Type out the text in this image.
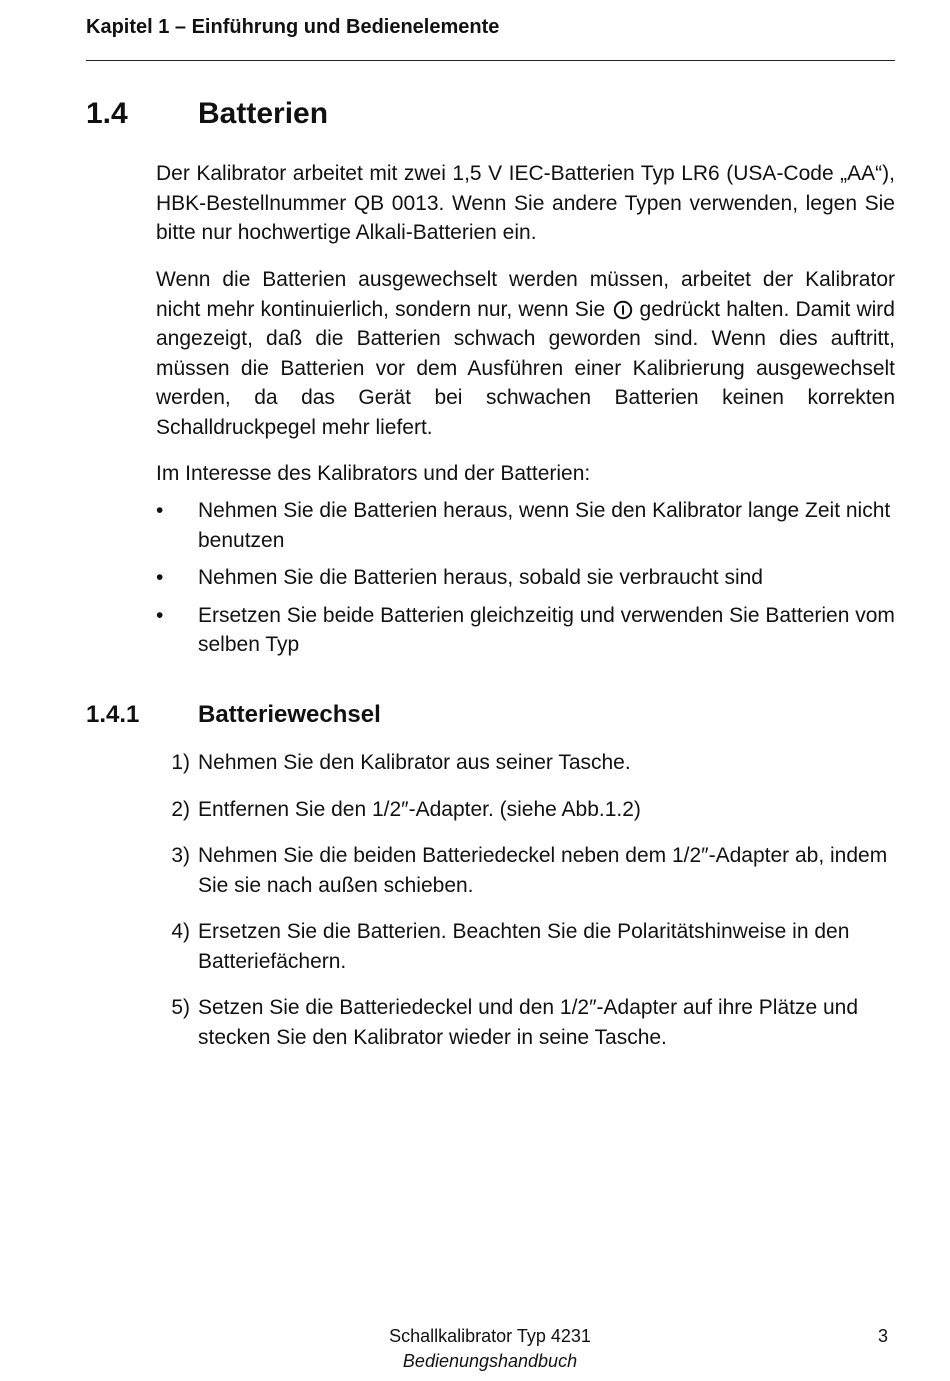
Kapitel 1 – Einführung und Bedienelemente
1.4 Batterien

Der Kalibrator arbeitet mit zwei 1,5 V IEC-Batterien Typ LR6 (USA-Code „AA“), HBK-Bestellnummer QB 0013. Wenn Sie andere Typen verwenden, legen Sie bitte nur hochwertige Alkali-Batterien ein.

Wenn die Batterien ausgewechselt werden müssen, arbeitet der Kalibrator nicht mehr kontinuierlich, sondern nur, wenn Sie gedrückt halten. Damit wird angezeigt, daß die Batterien schwach geworden sind. Wenn dies auftritt, müssen die Batterien vor dem Ausführen einer Kalibrierung ausgewechselt werden, da das Gerät bei schwachen Batterien keinen korrekten Schalldruckpegel mehr liefert.

Im Interesse des Kalibrators und der Batterien:

•	Nehmen Sie die Batterien heraus, wenn Sie den Kalibrator lange Zeit nicht benutzen
•	Nehmen Sie die Batterien heraus, sobald sie verbraucht sind
•	Ersetzen Sie beide Batterien gleichzeitig und verwenden Sie Batterien vom selben Typ
1.4.1 Batteriewechsel
1) Nehmen Sie den Kalibrator aus seiner Tasche.
2) Entfernen Sie den 1/2″-Adapter. (siehe Abb.1.2)
3) Nehmen Sie die beiden Batteriedeckel neben dem 1/2″-Adapter ab, indem Sie sie nach außen schieben.
4) Ersetzen Sie die Batterien. Beachten Sie die Polaritätshinweise in den Batteriefächern.
5) Setzen Sie die Batteriedeckel und den 1/2″-Adapter auf ihre Plätze und stecken Sie den Kalibrator wieder in seine Tasche.
Schallkalibrator Typ 4231
Bedienungshandbuch
3
